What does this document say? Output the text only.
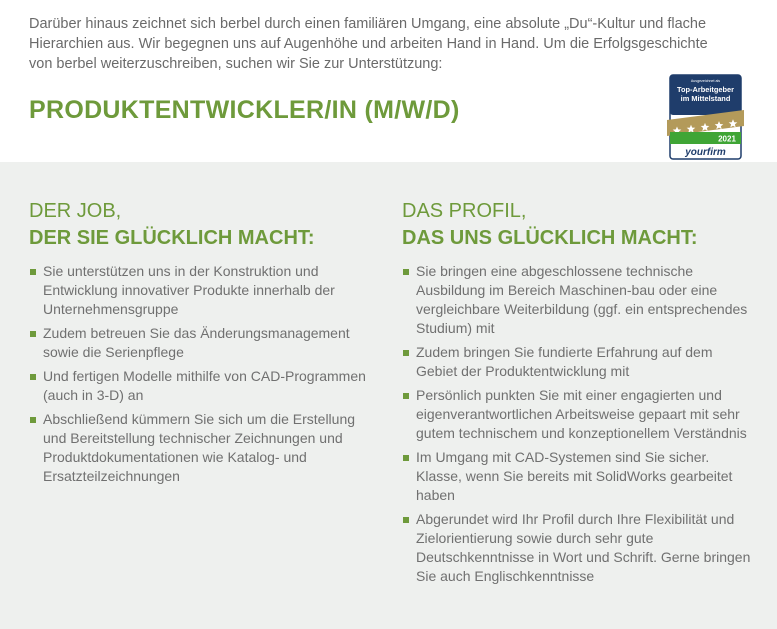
Darüber hinaus zeichnet sich berbel durch einen familiären Umgang, eine absolute „Du“-Kultur und flache Hierarchien aus. Wir begegnen uns auf Augenhöhe und arbeiten Hand in Hand. Um die Erfolgsgeschichte von berbel weiterzuschreiben, suchen wir Sie zur Unterstützung:

PRODUKTENTWICKLER/IN (M/W/D)
Ausgezeichnet als
Top-Arbeitgeber
im Mittelstand
2021
yourfirm
DER JOB,
DER SIE GLÜCKLICH MACHT:
Sie unterstützen uns in der Konstruktion und Entwicklung innovativer Produkte innerhalb der Unternehmensgruppe
Zudem betreuen Sie das Änderungsmanagement sowie die Serienpflege
Und fertigen Modelle mithilfe von CAD-Programmen (auch in 3-D) an
Abschließend kümmern Sie sich um die Erstellung und Bereitstellung technischer Zeichnungen und Produktdokumentationen wie Katalog- und Ersatzteilzeichnungen
DAS PROFIL,
DAS UNS GLÜCKLICH MACHT:
Sie bringen eine abgeschlossene technische Ausbildung im Bereich Maschinen-bau oder eine vergleichbare Weiterbildung (ggf. ein entsprechendes Studium) mit
Zudem bringen Sie fundierte Erfahrung auf dem Gebiet der Produktentwicklung mit
Persönlich punkten Sie mit einer engagierten und eigenverantwortlichen Arbeitsweise gepaart mit sehr gutem technischem und konzeptionellem Verständnis
Im Umgang mit CAD-Systemen sind Sie sicher. Klasse, wenn Sie bereits mit SolidWorks gearbeitet haben
Abgerundet wird Ihr Profil durch Ihre Flexibilität und Zielorientierung sowie durch sehr gute Deutschkenntnisse in Wort und Schrift. Gerne bringen Sie auch Englischkenntnisse
